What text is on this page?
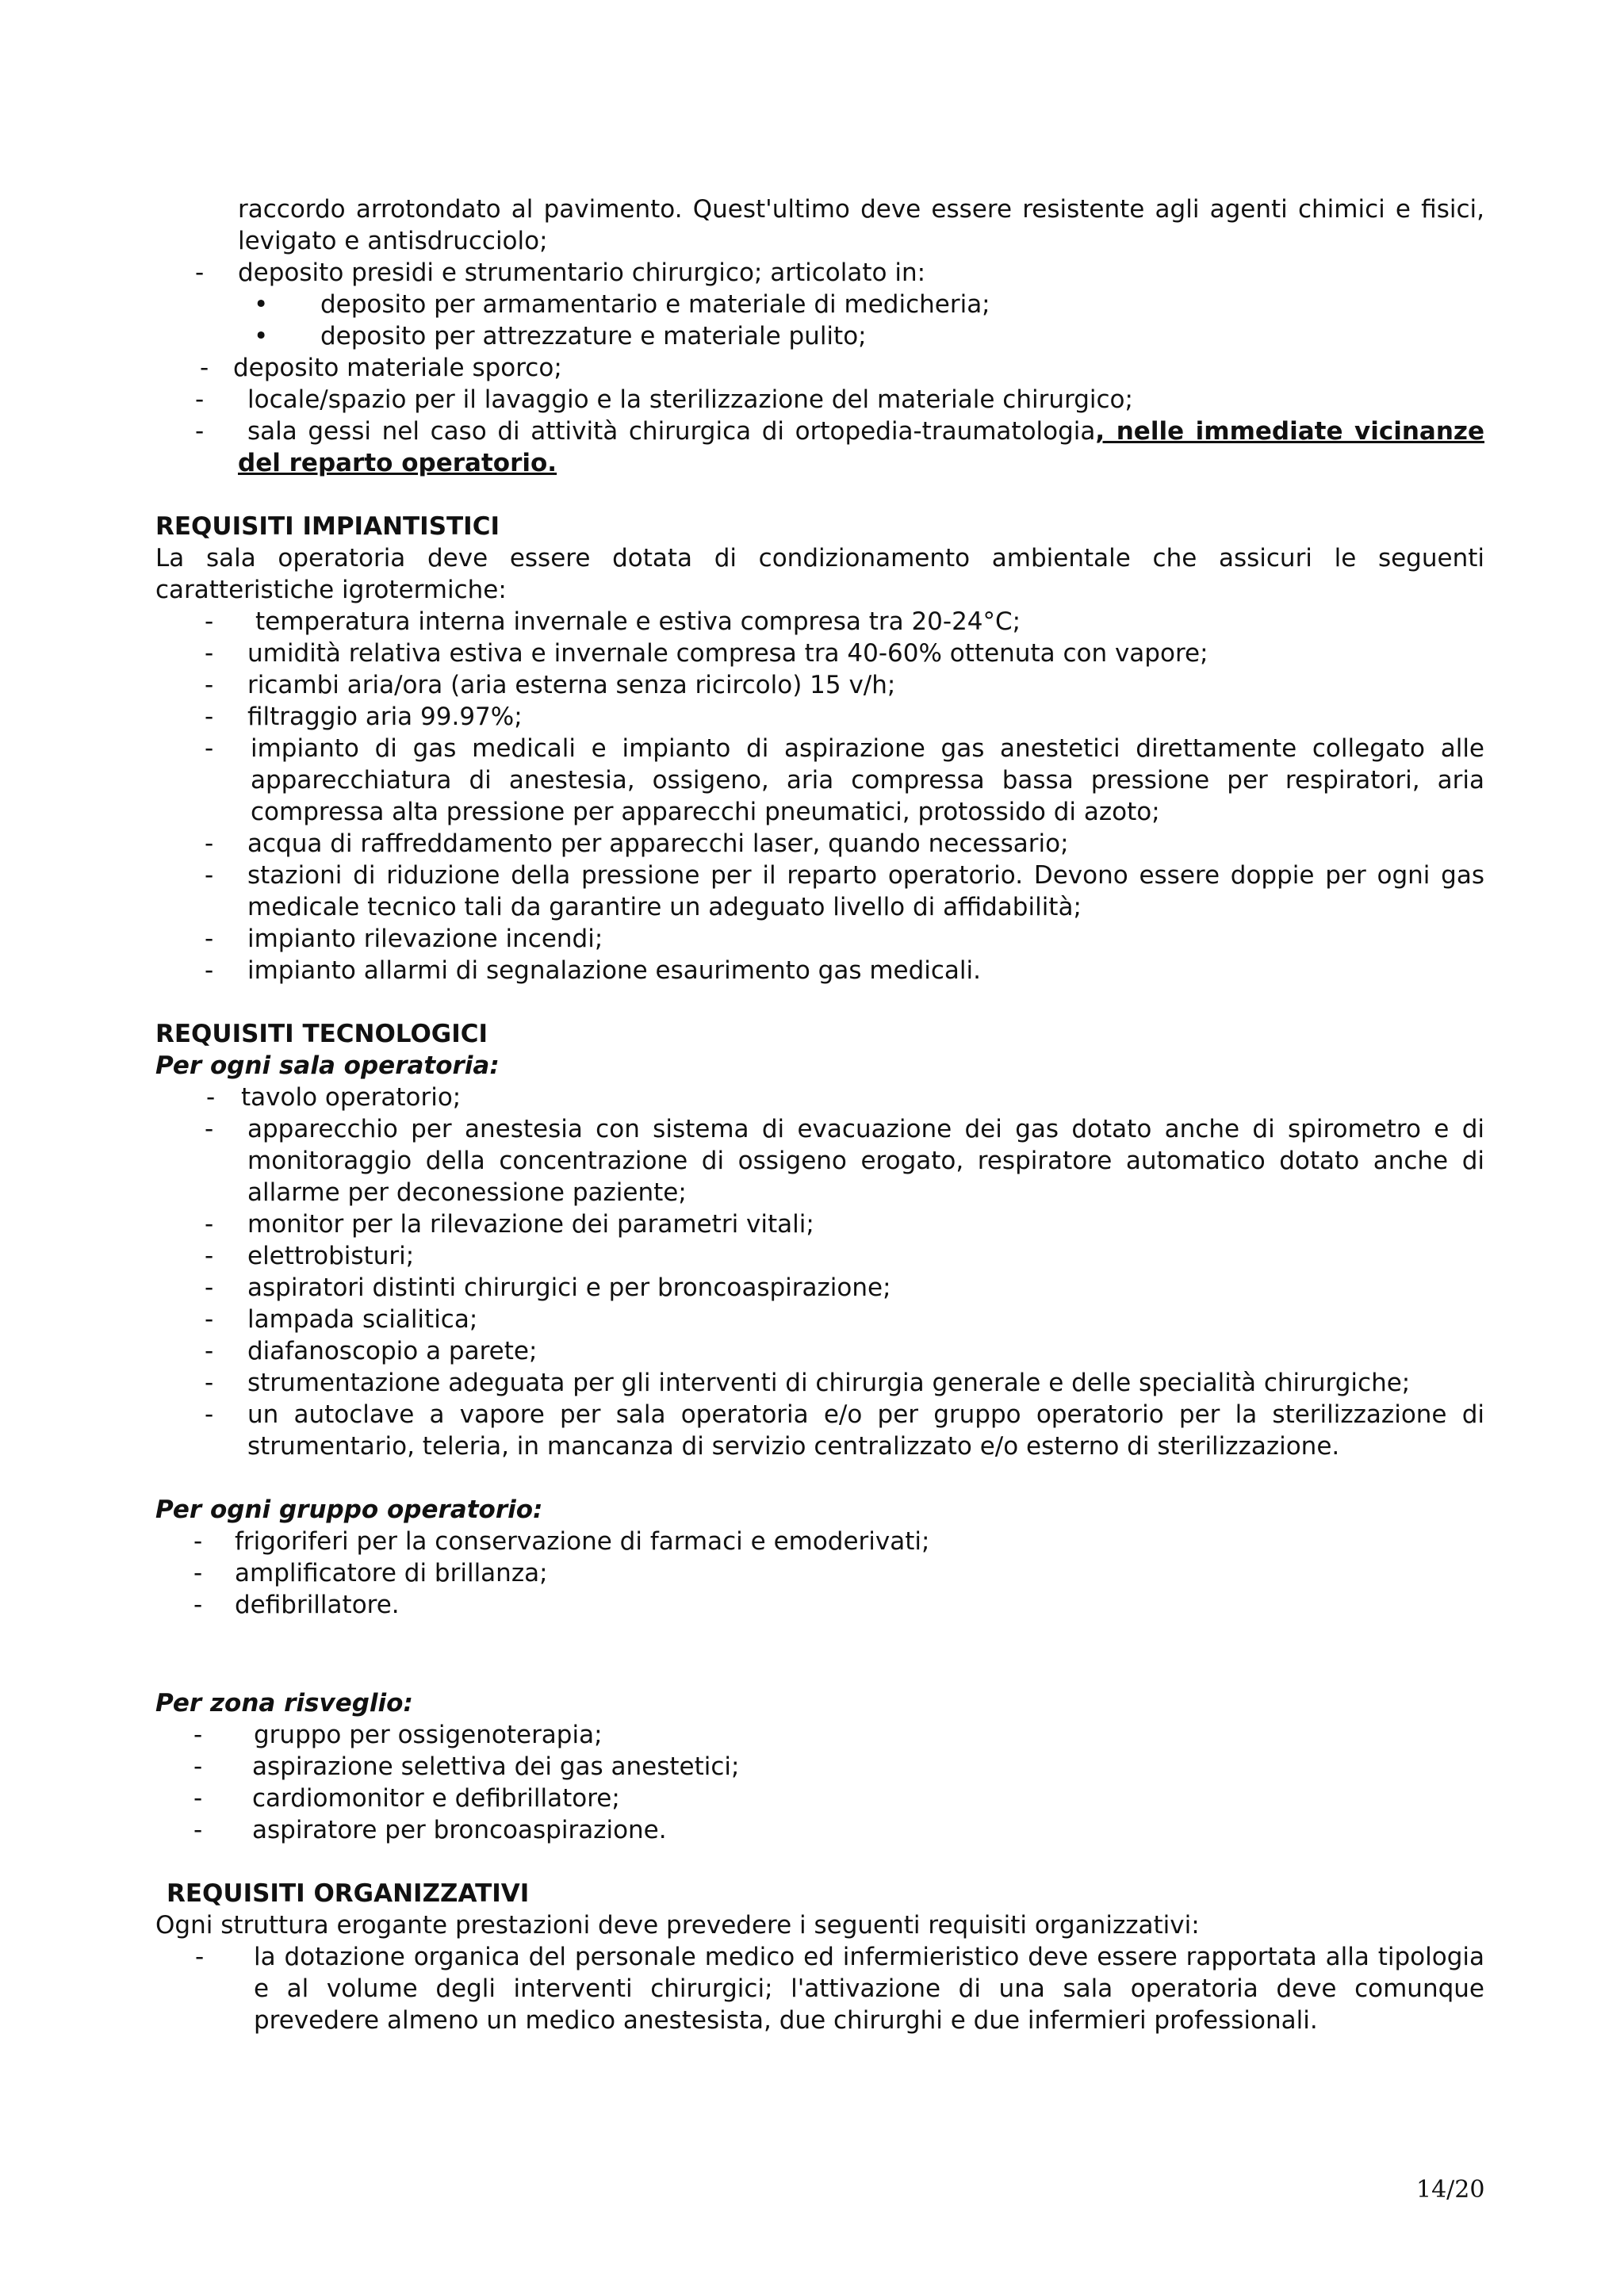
raccordo arrotondato al pavimento. Quest'ultimo deve essere resistente agli agenti chimici e fisici, levigato e antisdrucciolo;
-	deposito presidi e strumentario chirurgico; articolato in:
•	deposito per armamentario e materiale di medicheria;
•	deposito per attrezzature e materiale pulito;
- deposito materiale sporco;
-	locale/spazio per il lavaggio e la sterilizzazione del materiale chirurgico;
-	sala gessi nel caso di attività chirurgica di ortopedia-traumatologia, nelle immediate vicinanze del reparto operatorio.
REQUISITI IMPIANTISTICI
La sala operatoria deve essere dotata di condizionamento ambientale che assicuri le seguenti caratteristiche igrotermiche:
-	temperatura interna invernale e estiva compresa tra 20-24°C;
-	umidità relativa estiva e invernale compresa tra 40-60% ottenuta con vapore;
-	ricambi aria/ora (aria esterna senza ricircolo) 15 v/h;
-	filtraggio aria 99.97%;
-	impianto di gas medicali e impianto di aspirazione gas anestetici direttamente collegato alle apparecchiatura di anestesia, ossigeno, aria compressa bassa pressione per respiratori, aria compressa alta pressione per apparecchi pneumatici, protossido di azoto;
-	acqua di raffreddamento per apparecchi laser, quando necessario;
-	stazioni di riduzione della pressione per il reparto operatorio. Devono essere doppie per ogni gas medicale tecnico tali da garantire un adeguato livello di affidabilità;
-	impianto rilevazione incendi;
-	impianto allarmi di segnalazione esaurimento gas medicali.
REQUISITI TECNOLOGICI
Per ogni sala operatoria:
-	tavolo operatorio;
-	apparecchio per anestesia con sistema di evacuazione dei gas dotato anche di spirometro e di monitoraggio della concentrazione di ossigeno erogato, respiratore automatico dotato anche di allarme per deconessione paziente;
-	monitor per la rilevazione dei parametri vitali;
-	elettrobisturi;
-	aspiratori distinti chirurgici e per broncoaspirazione;
-	lampada scialitica;
-	diafanoscopio a parete;
-	strumentazione adeguata per gli interventi di chirurgia generale e delle specialità chirurgiche;
-	un autoclave a vapore per sala operatoria e/o per gruppo operatorio per la sterilizzazione di strumentario, teleria, in mancanza di servizio centralizzato e/o esterno di sterilizzazione.
Per ogni gruppo operatorio:
-	frigoriferi per la conservazione di farmaci e emoderivati;
-	amplificatore di brillanza;
-	defibrillatore.
Per zona risveglio:
-	gruppo per ossigenoterapia;
-	aspirazione selettiva dei gas anestetici;
-	cardiomonitor e defibrillatore;
-	aspiratore per broncoaspirazione.
REQUISITI ORGANIZZATIVI
Ogni struttura erogante prestazioni deve prevedere i seguenti requisiti organizzativi:
-	la dotazione organica del personale medico ed infermieristico deve essere rapportata alla tipologia e al volume degli interventi chirurgici; l'attivazione di una sala operatoria deve comunque prevedere almeno un medico anestesista, due chirurghi e due infermieri professionali.
14/20
